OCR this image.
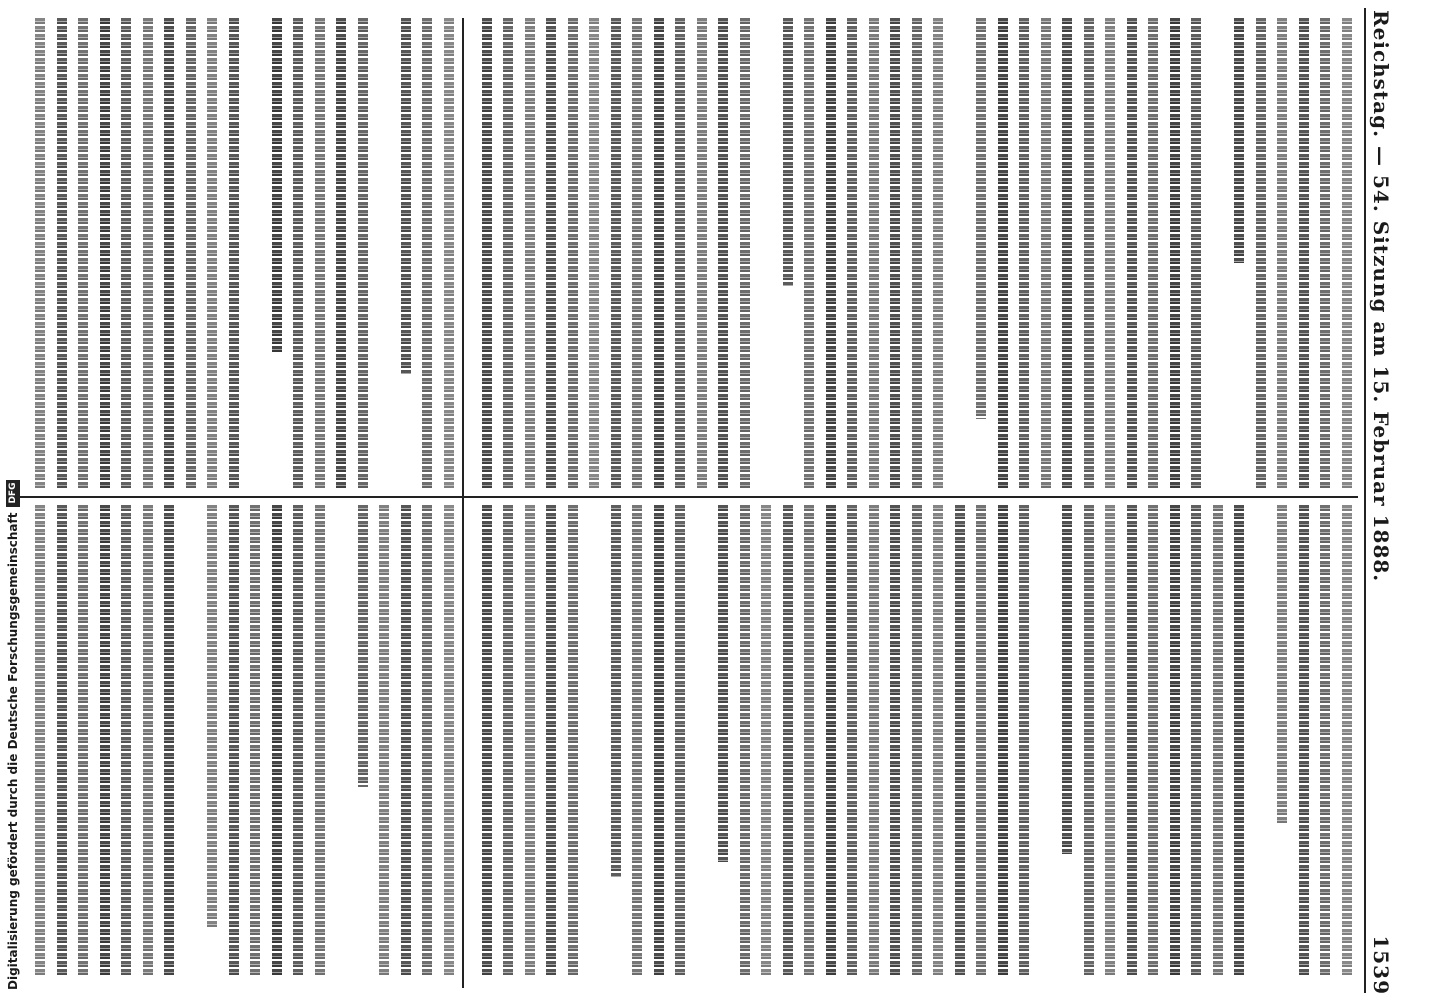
Reichstag. — 54. Sitzung am 15. Februar 1888.
1539
Digitalisierung gefördert durch die Deutsche Forschungsgemeinschaft
DFG
